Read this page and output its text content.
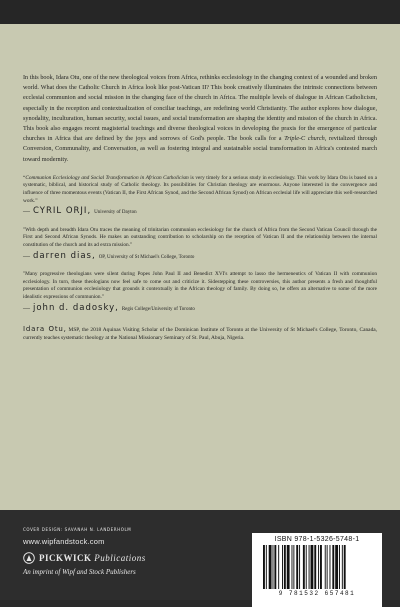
In this book, Idara Otu, one of the new theological voices from Africa, rethinks ecclesiology in the changing context of a wounded and broken world. What does the Catholic Church in Africa look like post-Vatican II? This book creatively illuminates the intrinsic connections between ecclesial communion and social mission in the changing face of the church in Africa. The multiple levels of dialogue in African Catholicism, especially in the reception and contextualization of conciliar teachings, are redefining world Christianity. The author explores how dialogue, synodality, inculturation, human security, social issues, and social transformation are shaping the identity and mission of the church in Africa. This book also engages recent magisterial teachings and diverse theological voices in developing the praxis for the emergence of particular churches in Africa that are defined by the joys and sorrows of God's people. The book calls for a Triple-C church, revitalized through Conversion, Communality, and Conversation, as well as fostering integral and sustainable social transformation in Africa's contested march toward modernity.

“Communion Ecclesiology and Social Transformation in African Catholicism is very timely for a serious study in ecclesiology. This work by Idara Otu is based on a systematic, biblical, and historical study of Catholic theology. Its possibilities for Christian theology are enormous. Anyone interested in the convergence and influence of three momentous events (Vatican II, the First African Synod, and the Second African Synod) on African ecclesial life will appreciate this well-researched work.”

— CYRIL ORJI, University of Dayton

"With depth and breadth Idara Otu traces the meaning of trinitarian communion ecclesiology for the church of Africa from the Second Vatican Council through the First and Second African Synods. He makes an outstanding contribution to scholarship on the reception of Vatican II and the relationship between the internal constitution of the church and its ad extra mission."

— darren dias, OP, University of St Michael's College, Toronto

"Many progressive theologians were silent during Popes John Paul II and Benedict XVI's attempt to lasso the hermeneutics of Vatican II with communion ecclesiology. In turn, these theologians now feel safe to come out and criticize it. Sidestepping these controversies, this author presents a fresh and thoughtful presentation of communion ecclesiology that grounds it contextually in the African theology of family. By doing so, he offers an alternative to some of the more idealistic expressions of communion."

— john d. dadosky, Regis College/University of Toronto

Idara Otu, MSP, the 2018 Aquinas Visiting Scholar of the Dominican Institute of Toronto at the University of St Michael's College, Toronto, Canada, currently teaches systematic theology at the National Missionary Seminary of St. Paul, Abuja, Nigeria.

COVER DESIGN: SAVANAH N. LANDERHOLM
www.wipfandstock.com
PICKWICK Publications
An imprint of Wipf and Stock Publishers
ISBN 978-1-5326-5748-1
9 781532 657481
